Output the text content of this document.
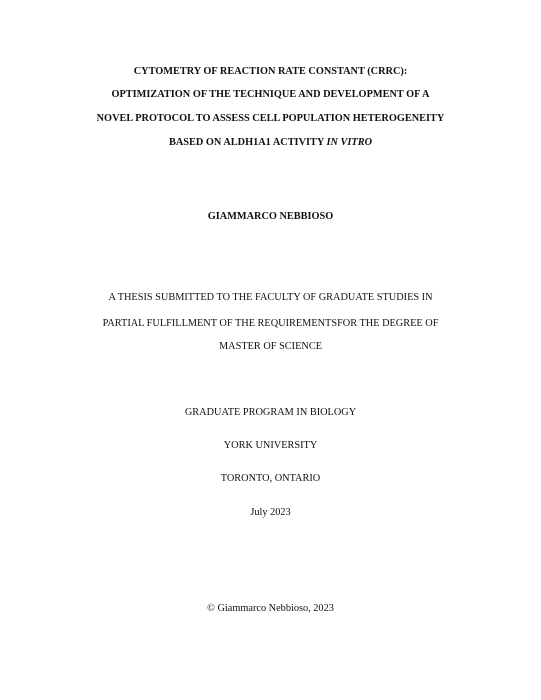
CYTOMETRY OF REACTION RATE CONSTANT (CRRC):
OPTIMIZATION OF THE TECHNIQUE AND DEVELOPMENT OF A
NOVEL PROTOCOL TO ASSESS CELL POPULATION HETEROGENEITY
BASED ON ALDH1A1 ACTIVITY IN VITRO
GIAMMARCO NEBBIOSO
A THESIS SUBMITTED TO THE FACULTY OF GRADUATE STUDIES IN
PARTIAL FULFILLMENT OF THE REQUIREMENTSFOR THE DEGREE OF
MASTER OF SCIENCE
GRADUATE PROGRAM IN BIOLOGY
YORK UNIVERSITY
TORONTO, ONTARIO
July 2023
© Giammarco Nebbioso, 2023
